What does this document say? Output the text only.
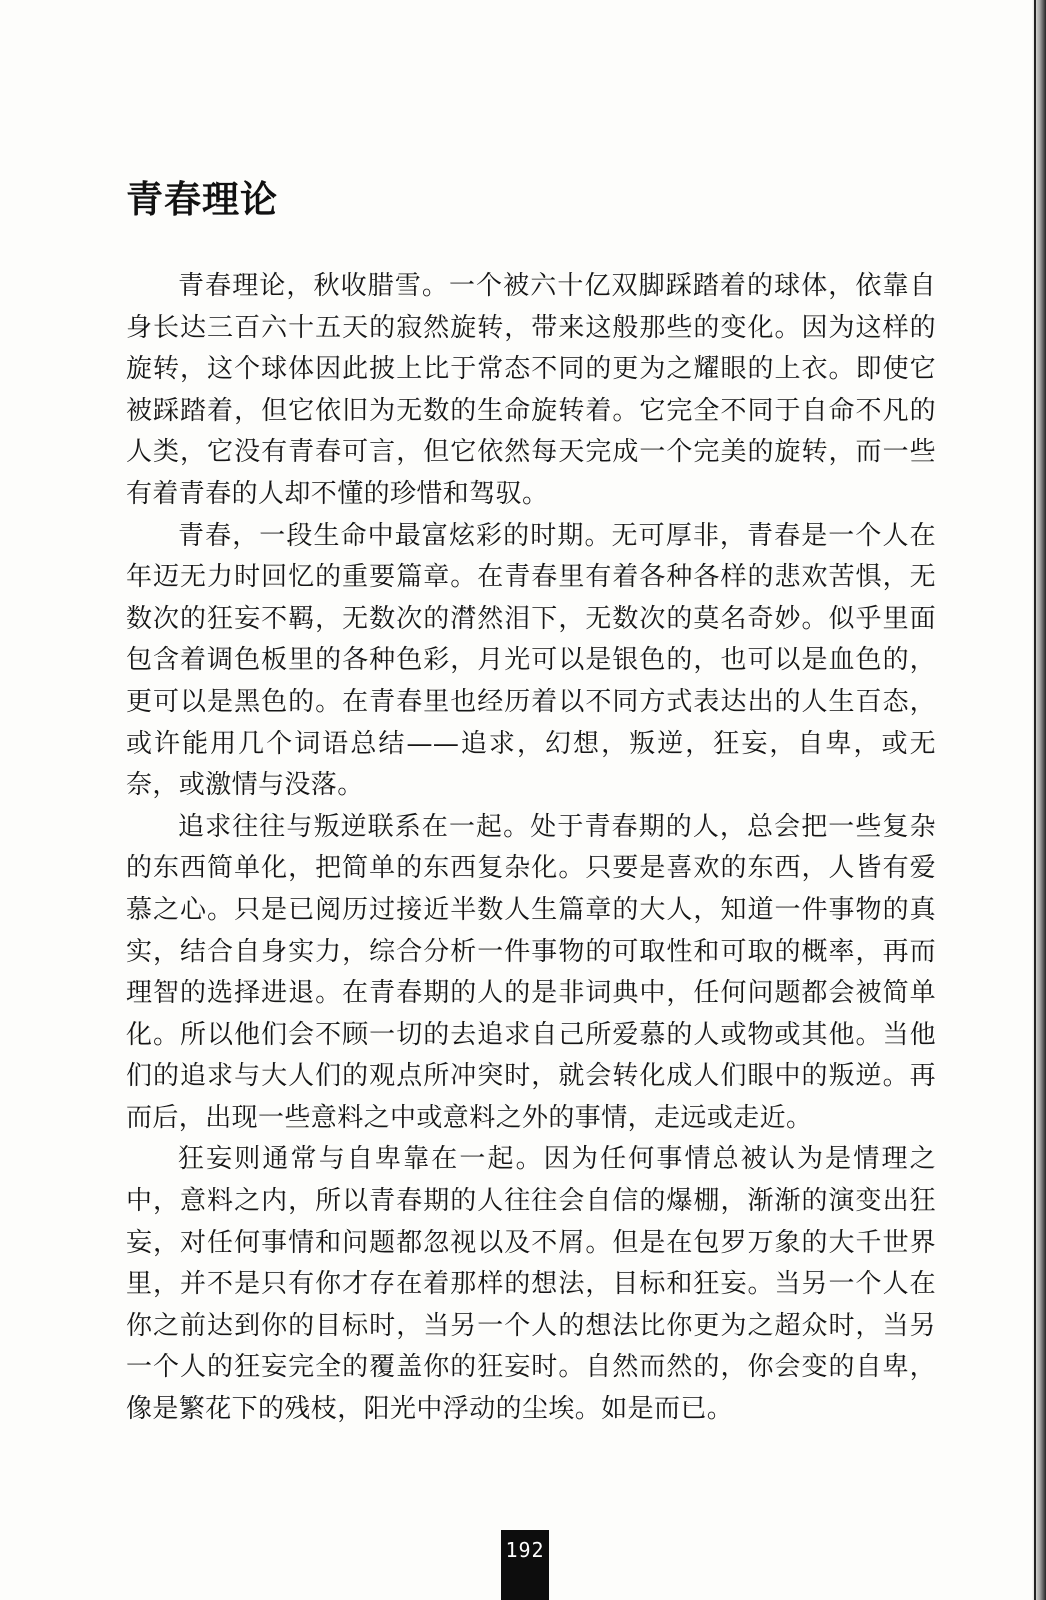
青春理论

青春理论，秋收腊雪。一个被六十亿双脚踩踏着的球体，依靠自身长达三百六十五天的寂然旋转，带来这般那些的变化。因为这样的旋转，这个球体因此披上比于常态不同的更为之耀眼的上衣。即使它被踩踏着，但它依旧为无数的生命旋转着。它完全不同于自命不凡的人类，它没有青春可言，但它依然每天完成一个完美的旋转，而一些有着青春的人却不懂的珍惜和驾驭。

青春，一段生命中最富炫彩的时期。无可厚非，青春是一个人在年迈无力时回忆的重要篇章。在青春里有着各种各样的悲欢苦惧，无数次的狂妄不羁，无数次的潸然泪下，无数次的莫名奇妙。似乎里面包含着调色板里的各种色彩，月光可以是银色的，也可以是血色的，更可以是黑色的。在青春里也经历着以不同方式表达出的人生百态，或许能用几个词语总结——追求，幻想，叛逆，狂妄，自卑，或无奈，或激情与没落。

追求往往与叛逆联系在一起。处于青春期的人，总会把一些复杂的东西简单化，把简单的东西复杂化。只要是喜欢的东西，人皆有爱慕之心。只是已阅历过接近半数人生篇章的大人，知道一件事物的真实，结合自身实力，综合分析一件事物的可取性和可取的概率，再而理智的选择进退。在青春期的人的是非词典中，任何问题都会被简单化。所以他们会不顾一切的去追求自己所爱慕的人或物或其他。当他们的追求与大人们的观点所冲突时，就会转化成人们眼中的叛逆。再而后，出现一些意料之中或意料之外的事情，走远或走近。

狂妄则通常与自卑靠在一起。因为任何事情总被认为是情理之中，意料之内，所以青春期的人往往会自信的爆棚，渐渐的演变出狂妄，对任何事情和问题都忽视以及不屑。但是在包罗万象的大千世界里，并不是只有你才存在着那样的想法，目标和狂妄。当另一个人在你之前达到你的目标时，当另一个人的想法比你更为之超众时，当另一个人的狂妄完全的覆盖你的狂妄时。自然而然的，你会变的自卑，像是繁花下的残枝，阳光中浮动的尘埃。如是而已。

192
